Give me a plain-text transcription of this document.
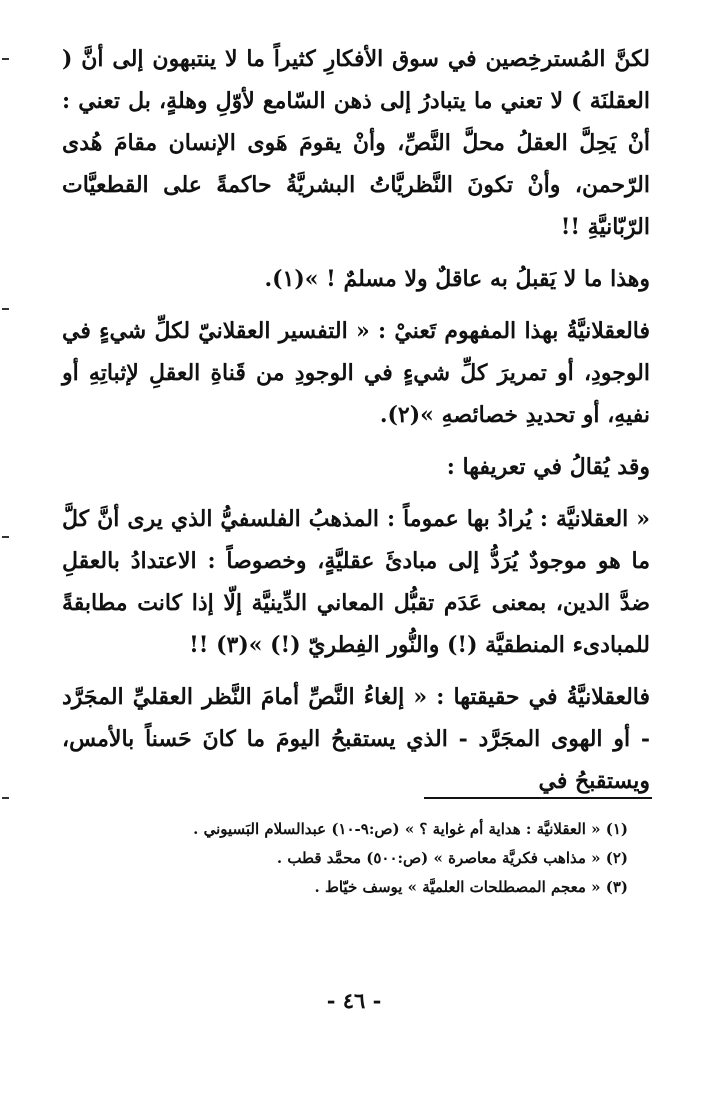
لكنَّ المُسترخِصين في سوق الأفكارِ كثيراً ما لا ينتبهون إلى أنَّ ( العقلنَة ) لا تعني ما يتبادرُ إلى ذهن السّامع لأوّلِ وهلةٍ، بل تعني : أنْ يَحِلَّ العقلُ محلَّ النَّصِّ، وأنْ يقومَ هَوى الإنسان مقامَ هُدى الرّحمن، وأنْ تكونَ النَّظريَّاتُ البشريَّةُ حاكمةً على القطعيَّات الرّبّانيَّةِ !!

وهذا ما لا يَقبلُ به عاقلٌ ولا مسلمٌ ! »(١).

فالعقلانيَّةُ بهذا المفهوم تَعنيْ : « التفسير العقلانيّ لكلِّ شيءٍ في الوجودِ، أو تمريرَ كلِّ شيءٍ في الوجودِ من قَناةِ العقلِ لإثباتِهِ أو نفيهِ، أو تحديدِ خصائصهِ »(٢).

وقد يُقالُ في تعريفها :

« العقلانيَّة : يُرادُ بها عموماً : المذهبُ الفلسفيُّ الذي يرى أنَّ كلَّ ما هو موجودٌ يُرَدُّ إلى مبادئَ عقليَّةٍ، وخصوصاً : الاعتدادُ بالعقلِ ضدَّ الدين، بمعنى عَدَم تقبُّل المعاني الدِّينيَّة إلّا إذا كانت مطابقةً للمبادىء المنطقيَّة (!) والنُّور الفِطريّ (!) »(٣) !!

فالعقلانيَّةُ في حقيقتها : « إلغاءُ النَّصِّ أمامَ النَّظر العقليِّ المجَرَّد - أو الهوى المجَرَّد - الذي يستقبحُ اليومَ ما كانَ حَسناً بالأمس، ويستقبحُ في

(١) « العقلانيَّة : هداية أم غواية ؟ » (ص:٩-١٠) عبدالسلام البَسيوني .

(٢) « مذاهب فكريَّة معاصرة » (ص:٥٠٠) محمَّد قطب .

(٣) « معجم المصطلحات العلميَّة » يوسف خيّاط .

- ٤٦ -
